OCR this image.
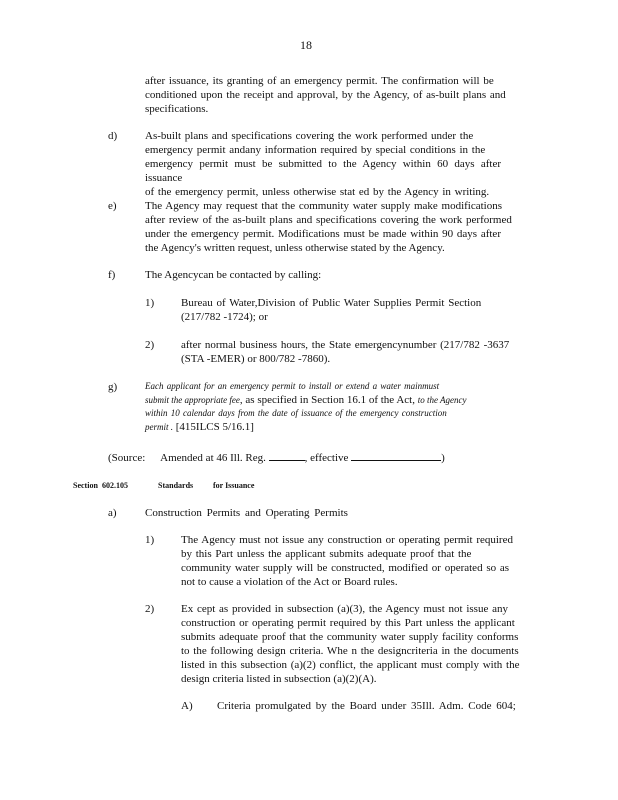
18
after issuance, its granting of an emergency permit. The confirmation will be
conditioned upon the receipt and approval, by the Agency, of as-built plans and
specifications.
d)	As-built plans and specifications covering the work performed under the
emergency permit andany information required by special conditions in the
emergency permit must be submitted to the Agency within 60 days after issuance
of the emergency permit, unless otherwise stat ed by the Agency in writing.
e)	The Agency may request that the community water supply make modifications
after review of the as-built plans and specifications covering the work performed
under the emergency permit. Modifications must be made within 90 days after
the Agency's written request, unless otherwise stated by the Agency.
f)	The Agencycan be contacted by calling:
1) Bureau of Water,Division of Public Water Supplies Permit Section
(217/782 -1724); or
2) after normal business hours, the State emergencynumber (217/782 -3637
(STA -EMER) or 800/782 -7860).
g)	Each applicant for an emergency permit to install or extend a water mainmust
submit the appropriate fee, as specified in Section 16.1 of the Act, to the Agency
within 10 calendar days from the date of issuance of the emergency construction
permit . [415ILCS 5/16.1]
(Source: Amended at 46 Ill. Reg.	, effective	)
Section 602.105	Standards for Issuance
a)	Construction Permits and Operating Permits
1) The Agency must not issue any construction or operating permit required
by this Part unless the applicant submits adequate proof that the
community water supply will be constructed, modified or operated so as
not to cause a violation of the Act or Board rules.
2) Ex cept as provided in subsection (a)(3), the Agency must not issue any
construction or operating permit required by this Part unless the applicant
submits adequate proof that the community water supply facility conforms
to the following design criteria. Whe n the designcriteria in the documents
listed in this subsection (a)(2) conflict, the applicant must comply with the
design criteria listed in subsection (a)(2)(A).
A) Criteria promulgated by the Board under 35Ill. Adm. Code 604;
